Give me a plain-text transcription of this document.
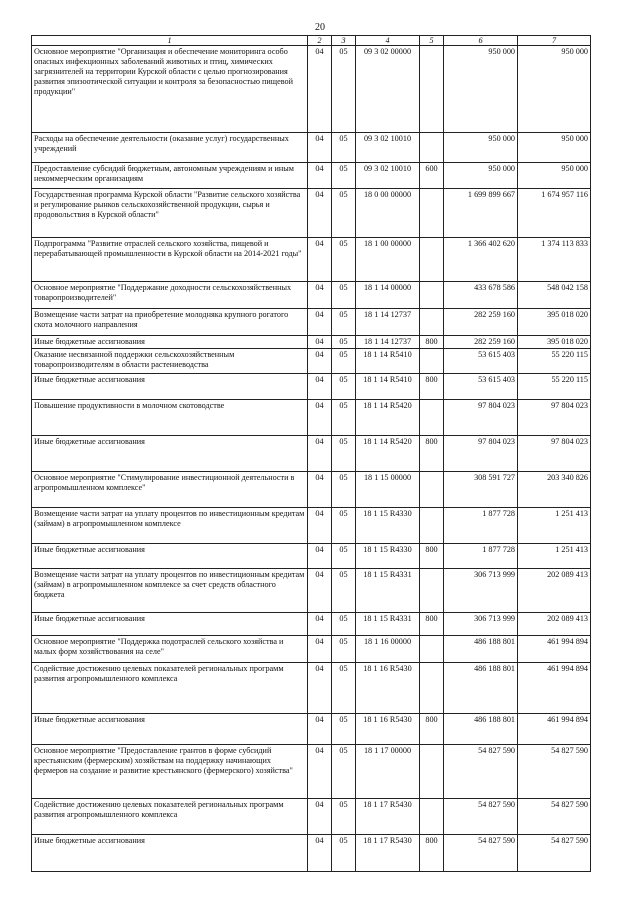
20
1	2	3	4	5	6	7
Основное мероприятие "Организация и обеспечение мониторинга особо опасных инфекционных заболеваний животных и птиц, химических загрязнителей на территории Курской области с целью прогнозирования развития эпизоотической ситуации и контроля за безопасностью пищевой продукции"	04	05	09 3 02 00000		950 000	950 000
Расходы на обеспечение деятельности (оказание услуг) государственных учреждений	04	05	09 3 02 10010		950 000	950 000
Предоставление субсидий бюджетным, автономным учреждениям и иным некоммерческим организациям	04	05	09 3 02 10010	600	950 000	950 000
Государственная программа Курской области "Развитие сельского хозяйства и регулирование рынков сельскохозяйственной продукции, сырья и продовольствия в Курской области"	04	05	18 0 00 00000		1 699 899 667	1 674 957 116
Подпрограмма "Развитие отраслей сельского хозяйства, пищевой и перерабатывающей промышленности в Курской области на 2014-2021 годы"	04	05	18 1 00 00000		1 366 402 620	1 374 113 833
Основное мероприятие "Поддержание доходности сельскохозяйственных товаропроизводителей"	04	05	18 1 14 00000		433 678 586	548 042 158
Возмещение части затрат на приобретение молодняка крупного рогатого скота молочного направления	04	05	18 1 14 12737		282 259 160	395 018 020
Иные бюджетные ассигнования	04	05	18 1 14 12737	800	282 259 160	395 018 020
Оказание несвязанной поддержки сельскохозяйственным товаропроизводителям в области растениеводства	04	05	18 1 14 R5410		53 615 403	55 220 115
Иные бюджетные ассигнования	04	05	18 1 14 R5410	800	53 615 403	55 220 115
Повышение продуктивности в молочном скотоводстве	04	05	18 1 14 R5420		97 804 023	97 804 023
Иные бюджетные ассигнования	04	05	18 1 14 R5420	800	97 804 023	97 804 023
Основное мероприятие "Стимулирование инвестиционной деятельности в агропромышленном комплексе"	04	05	18 1 15 00000		308 591 727	203 340 826
Возмещение части затрат на уплату процентов по инвестиционным кредитам (займам) в агропромышленном комплексе	04	05	18 1 15 R4330		1 877 728	1 251 413
Иные бюджетные ассигнования	04	05	18 1 15 R4330	800	1 877 728	1 251 413
Возмещение части затрат на уплату процентов по инвестиционным кредитам (займам) в агропромышленном комплексе за счет средств областного бюджета	04	05	18 1 15 R4331		306 713 999	202 089 413
Иные бюджетные ассигнования	04	05	18 1 15 R4331	800	306 713 999	202 089 413
Основное мероприятие "Поддержка подотраслей сельского хозяйства и малых форм хозяйствования на селе"	04	05	18 1 16 00000		486 188 801	461 994 894
Содействие достижению целевых показателей региональных программ развития агропромышленного комплекса	04	05	18 1 16 R5430		486 188 801	461 994 894
Иные бюджетные ассигнования	04	05	18 1 16 R5430	800	486 188 801	461 994 894
Основное мероприятие "Предоставление грантов в форме субсидий крестьянским (фермерским) хозяйствам на поддержку начинающих фермеров на создание и развитие крестьянского (фермерского) хозяйства"	04	05	18 1 17 00000		54 827 590	54 827 590
Содействие достижению целевых показателей региональных программ развития агропромышленного комплекса	04	05	18 1 17 R5430		54 827 590	54 827 590
Иные бюджетные ассигнования	04	05	18 1 17 R5430	800	54 827 590	54 827 590
